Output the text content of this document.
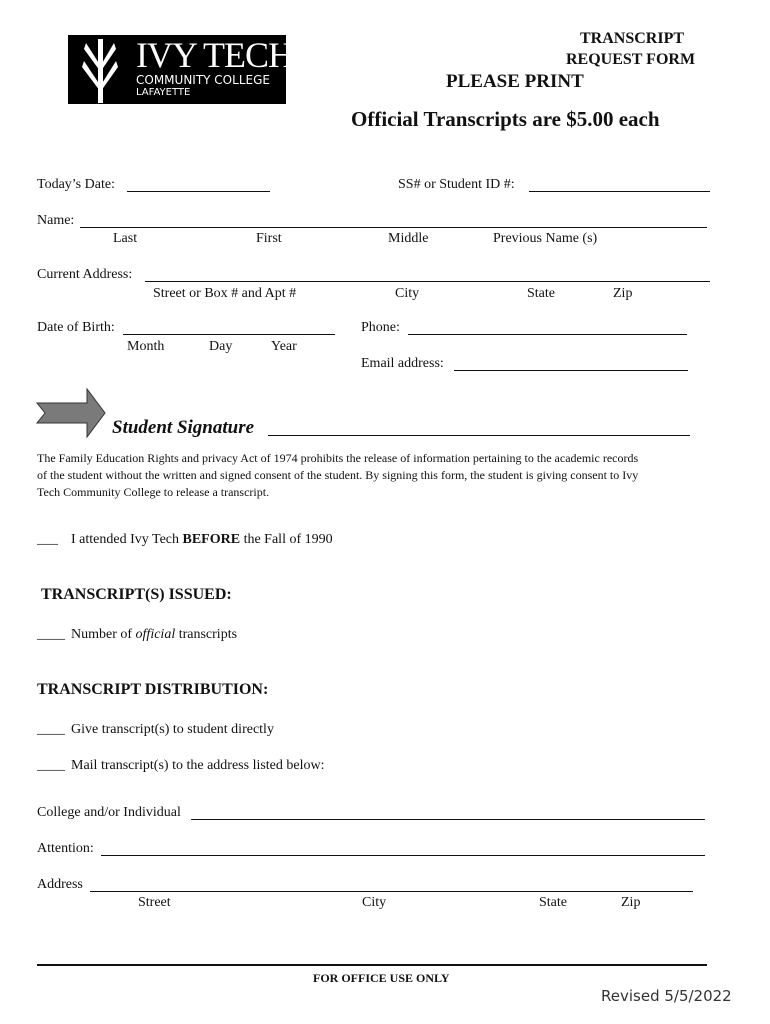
IVY TECH
COMMUNITY COLLEGE
LAFAYETTE
TRANSCRIPT
REQUEST FORM
PLEASE PRINT
Official Transcripts are $5.00 each
Today’s Date:	SS# or Student ID #:
Name:
Last	First	Middle	Previous Name (s)
Current Address:
Street or Box # and Apt #	City	State	Zip
Date of Birth:
Month	Day	Year
Phone:
Email address:
Student Signature
The Family Education Rights and privacy Act of 1974 prohibits the release of information pertaining to the academic records
of the student without the written and signed consent of the student. By signing this form, the student is giving consent to Ivy
Tech Community College to release a transcript.
___ I attended Ivy Tech BEFORE the Fall of 1990
TRANSCRIPT(S) ISSUED:
____ Number of official transcripts
TRANSCRIPT DISTRIBUTION:
____ Give transcript(s) to student directly
____ Mail transcript(s) to the address listed below:
College and/or Individual
Attention:
Address
Street	City	State	Zip
FOR OFFICE USE ONLY
Revised 5/5/2022
